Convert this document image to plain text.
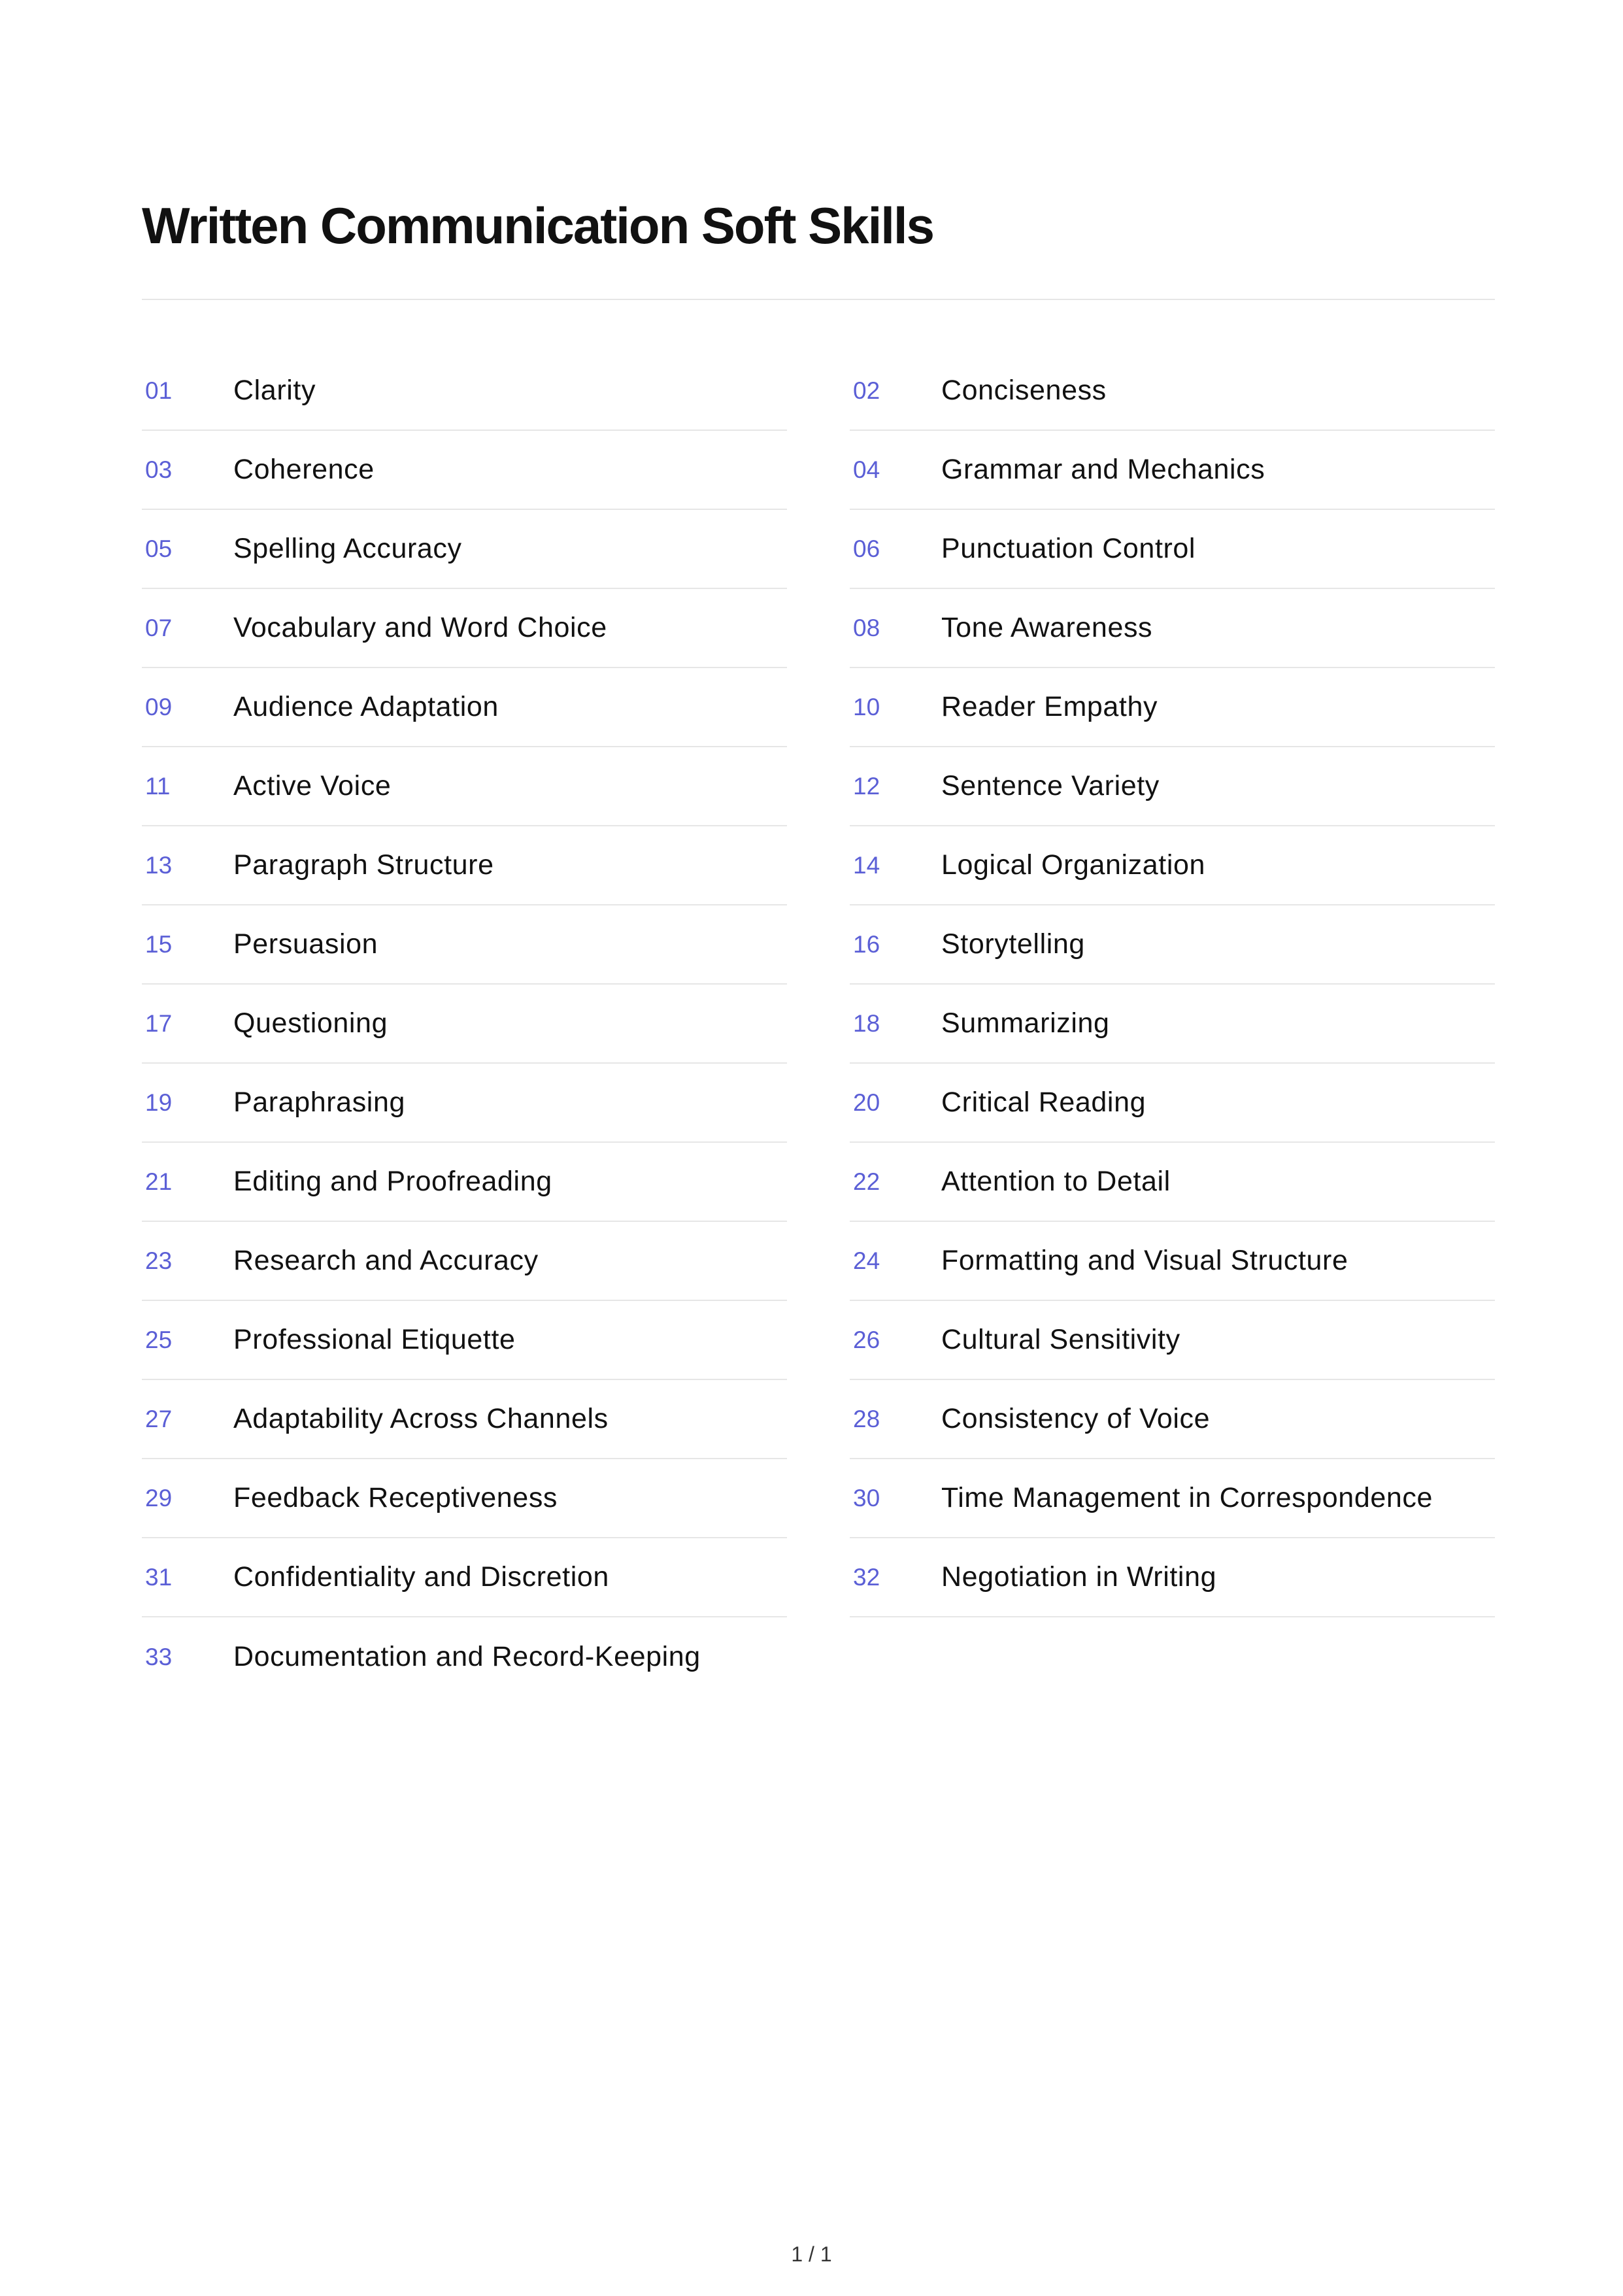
Written Communication Soft Skills
01	Clarity	02	Conciseness
03	Coherence	04	Grammar and Mechanics
05	Spelling Accuracy	06	Punctuation Control
07	Vocabulary and Word Choice	08	Tone Awareness
09	Audience Adaptation	10	Reader Empathy
11	Active Voice	12	Sentence Variety
13	Paragraph Structure	14	Logical Organization
15	Persuasion	16	Storytelling
17	Questioning	18	Summarizing
19	Paraphrasing	20	Critical Reading
21	Editing and Proofreading	22	Attention to Detail
23	Research and Accuracy	24	Formatting and Visual Structure
25	Professional Etiquette	26	Cultural Sensitivity
27	Adaptability Across Channels	28	Consistency of Voice
29	Feedback Receptiveness	30	Time Management in Correspondence
31	Confidentiality and Discretion	32	Negotiation in Writing
33	Documentation and Record-Keeping
1 / 1
